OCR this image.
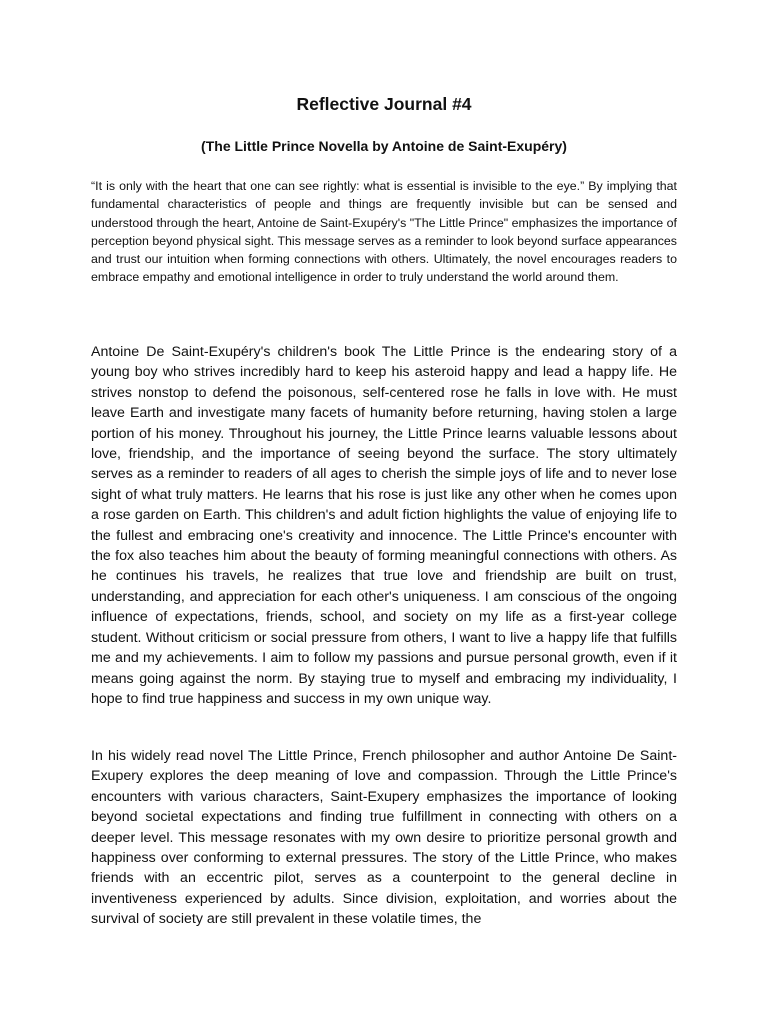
Reflective Journal #4
(The Little Prince Novella by Antoine de Saint-Exupéry)

“It is only with the heart that one can see rightly: what is essential is invisible to the eye.” By implying that fundamental characteristics of people and things are frequently invisible but can be sensed and understood through the heart, Antoine de Saint-Exupéry's "The Little Prince" emphasizes the importance of perception beyond physical sight. This message serves as a reminder to look beyond surface appearances and trust our intuition when forming connections with others. Ultimately, the novel encourages readers to embrace empathy and emotional intelligence in order to truly understand the world around them.

Antoine De Saint-Exupéry's children's book The Little Prince is the endearing story of a young boy who strives incredibly hard to keep his asteroid happy and lead a happy life. He strives nonstop to defend the poisonous, self-centered rose he falls in love with. He must leave Earth and investigate many facets of humanity before returning, having stolen a large portion of his money. Throughout his journey, the Little Prince learns valuable lessons about love, friendship, and the importance of seeing beyond the surface. The story ultimately serves as a reminder to readers of all ages to cherish the simple joys of life and to never lose sight of what truly matters. He learns that his rose is just like any other when he comes upon a rose garden on Earth. This children's and adult fiction highlights the value of enjoying life to the fullest and embracing one's creativity and innocence. The Little Prince's encounter with the fox also teaches him about the beauty of forming meaningful connections with others. As he continues his travels, he realizes that true love and friendship are built on trust, understanding, and appreciation for each other's uniqueness. I am conscious of the ongoing influence of expectations, friends, school, and society on my life as a first-year college student. Without criticism or social pressure from others, I want to live a happy life that fulfills me and my achievements. I aim to follow my passions and pursue personal growth, even if it means going against the norm. By staying true to myself and embracing my individuality, I hope to find true happiness and success in my own unique way.

In his widely read novel The Little Prince, French philosopher and author Antoine De Saint-Exupery explores the deep meaning of love and compassion. Through the Little Prince's encounters with various characters, Saint-Exupery emphasizes the importance of looking beyond societal expectations and finding true fulfillment in connecting with others on a deeper level. This message resonates with my own desire to prioritize personal growth and happiness over conforming to external pressures. The story of the Little Prince, who makes friends with an eccentric pilot, serves as a counterpoint to the general decline in inventiveness experienced by adults. Since division, exploitation, and worries about the survival of society are still prevalent in these volatile times, the
